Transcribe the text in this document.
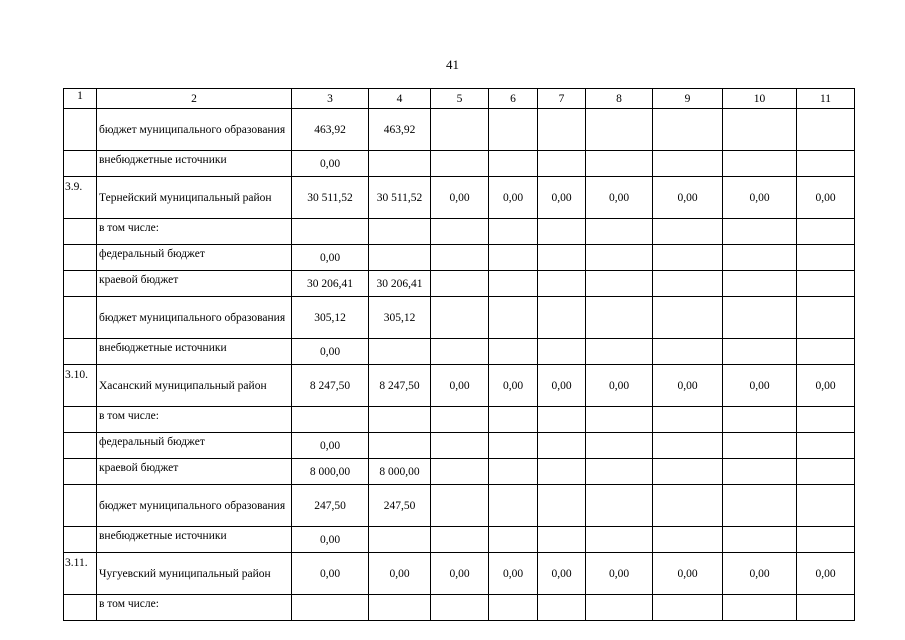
41
1	2	3	4	5	6	7	8	9	10	11
	бюджет муниципального образования	463,92	463,92							
	внебюджетные источники	0,00								
3.9.	Тернейский муниципальный район	30 511,52	30 511,52	0,00	0,00	0,00	0,00	0,00	0,00	0,00
	в том числе:									
	федеральный бюджет	0,00								
	краевой бюджет	30 206,41	30 206,41							
	бюджет муниципального образования	305,12	305,12							
	внебюджетные источники	0,00								
3.10.	Хасанский муниципальный район	8 247,50	8 247,50	0,00	0,00	0,00	0,00	0,00	0,00	0,00
	в том числе:									
	федеральный бюджет	0,00								
	краевой бюджет	8 000,00	8 000,00							
	бюджет муниципального образования	247,50	247,50							
	внебюджетные источники	0,00								
3.11.	Чугуевский муниципальный район	0,00	0,00	0,00	0,00	0,00	0,00	0,00	0,00	0,00
	в том числе:									
